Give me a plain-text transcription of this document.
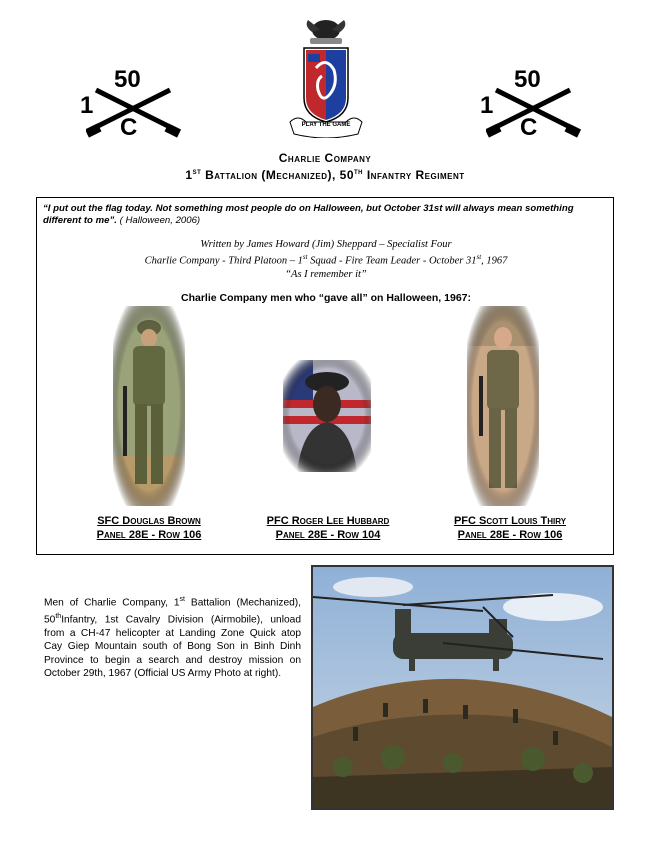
50
1
C	PLAY THE GAME
50
1
C
Charlie Company
1st Battalion (Mechanized), 50th Infantry Regiment
“I put out the flag today. Not something most people do on Halloween, but October 31st will always mean something different to me”. ( Halloween, 2006)
Written by James Howard (Jim) Sheppard – Specialist Four
Charlie Company - Third Platoon – 1st Squad - Fire Team Leader - October 31st, 1967
“As I remember it”
Charlie Company men who “gave all” on Halloween, 1967:
SFC Douglas Brown
Panel 28E - Row 106
PFC Roger Lee Hubbard
Panel 28E - Row 104
PFC Scott Louis Thiry
Panel 28E - Row 106
Men of Charlie Company, 1st Battalion (Mechanized), 50thInfantry, 1st Cavalry Division (Airmobile), unload from a CH-47 helicopter at Landing Zone Quick atop Cay Giep Mountain south of Bong Son in Binh Dinh Province to begin a search and destroy mission on October 29th, 1967 (Official US Army Photo at right).
